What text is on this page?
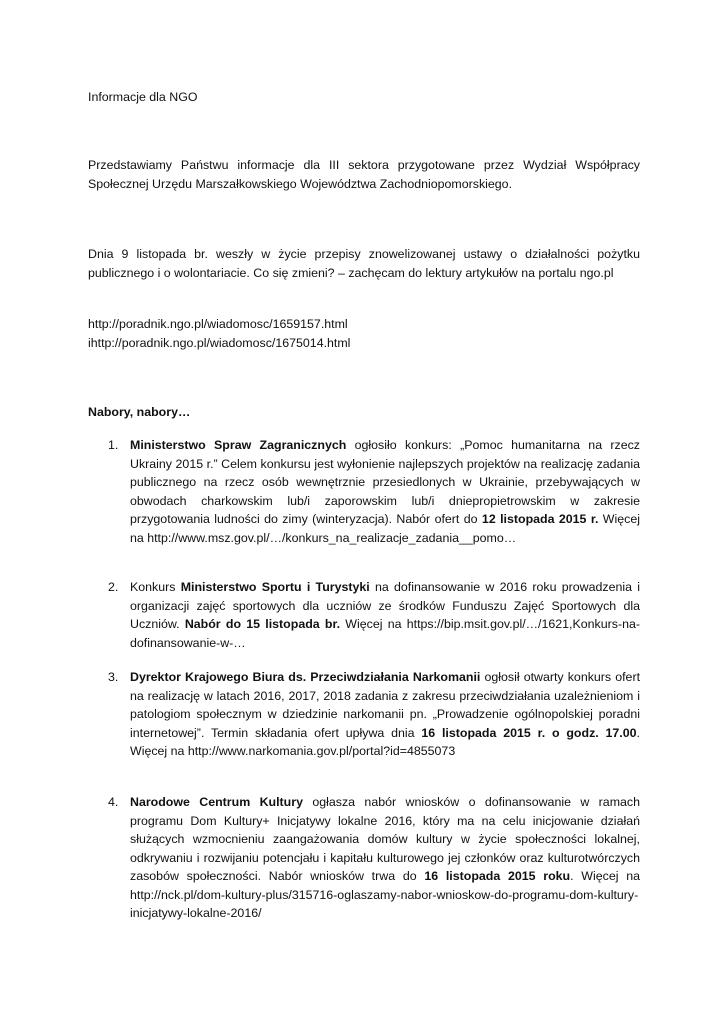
Informacje dla NGO
Przedstawiamy Państwu informacje dla III sektora przygotowane przez Wydział Współpracy Społecznej Urzędu Marszałkowskiego Województwa Zachodniopomorskiego.
Dnia 9 listopada br. weszły w życie przepisy znowelizowanej ustawy o działalności pożytku publicznego i o wolontariacie. Co się zmieni? – zachęcam do lektury artykułów na portalu ngo.pl
http://poradnik.ngo.pl/wiadomosc/1659157.html
ihttp://poradnik.ngo.pl/wiadomosc/1675014.html
Nabory, nabory…
1. Ministerstwo Spraw Zagranicznych ogłosiło konkurs: „Pomoc humanitarna na rzecz Ukrainy 2015 r.” Celem konkursu jest wyłonienie najlepszych projektów na realizację zadania publicznego na rzecz osób wewnętrznie przesiedlonych w Ukrainie, przebywających w obwodach charkowskim lub/i zaporowskim lub/i dniepropietrowskim w zakresie przygotowania ludności do zimy (winteryzacja). Nabór ofert do 12 listopada 2015 r. Więcej na http://www.msz.gov.pl/…/konkurs_na_realizacje_zadania__pomo…
2. Konkurs Ministerstwo Sportu i Turystyki na dofinansowanie w 2016 roku prowadzenia i organizacji zajęć sportowych dla uczniów ze środków Funduszu Zajęć Sportowych dla Uczniów. Nabór do 15 listopada br. Więcej na https://bip.msit.gov.pl/…/1621,Konkurs-na-dofinansowanie-w-…
3. Dyrektor Krajowego Biura ds. Przeciwdziałania Narkomanii ogłosił otwarty konkurs ofert na realizację w latach 2016, 2017, 2018 zadania z zakresu przeciwdziałania uzależnieniom i patologiom społecznym w dziedzinie narkomanii pn. „Prowadzenie ogólnopolskiej poradni internetowej”. Termin składania ofert upływa dnia 16 listopada 2015 r. o godz. 17.00. Więcej na http://www.narkomania.gov.pl/portal?id=4855073
4. Narodowe Centrum Kultury ogłasza nabór wniosków o dofinansowanie w ramach programu Dom Kultury+ Inicjatywy lokalne 2016, który ma na celu inicjowanie działań służących wzmocnieniu zaangażowania domów kultury w życie społeczności lokalnej, odkrywaniu i rozwijaniu potencjału i kapitału kulturowego jej członków oraz kulturotwórczych zasobów społeczności. Nabór wniosków trwa do 16 listopada 2015 roku. Więcej na http://nck.pl/dom-kultury-plus/315716-oglaszamy-nabor-wnioskow-do-programu-dom-kultury-inicjatywy-lokalne-2016/
